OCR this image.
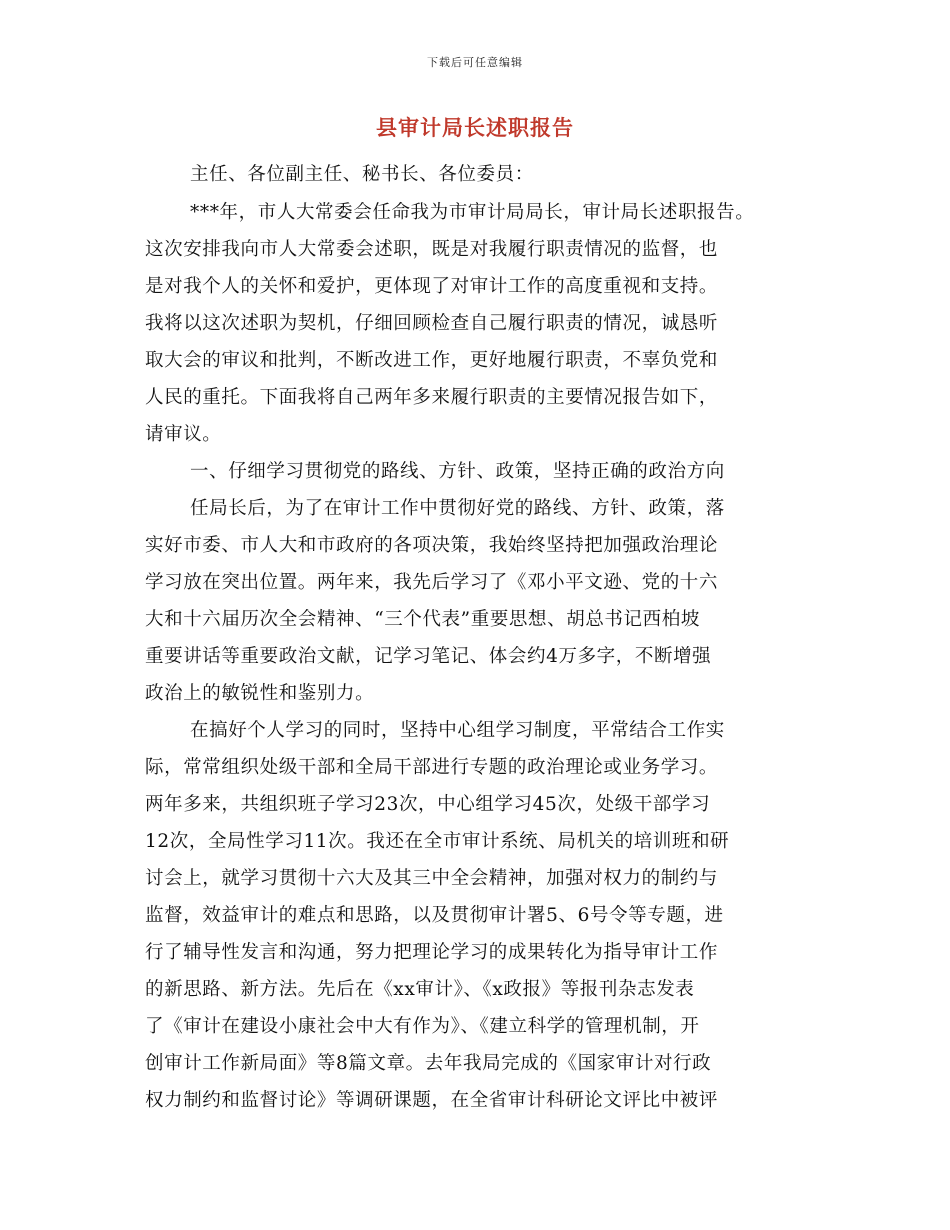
下载后可任意编辑
县审计局长述职报告
主任、各位副主任、秘书长、各位委员：
***年，市人大常委会任命我为市审计局局长，审计局长述职报告。
这次安排我向市人大常委会述职，既是对我履行职责情况的监督，也
是对我个人的关怀和爱护，更体现了对审计工作的高度重视和支持。
我将以这次述职为契机，仔细回顾检查自己履行职责的情况，诚恳听
取大会的审议和批判，不断改进工作，更好地履行职责，不辜负党和
人民的重托。下面我将自己两年多来履行职责的主要情况报告如下，
请审议。
一、仔细学习贯彻党的路线、方针、政策，坚持正确的政治方向
任局长后，为了在审计工作中贯彻好党的路线、方针、政策，落
实好市委、市人大和市政府的各项决策，我始终坚持把加强政治理论
学习放在突出位置。两年来，我先后学习了《邓小平文逊、党的十六
大和十六届历次全会精神、“三个代表”重要思想、胡总书记西柏坡
重要讲话等重要政治文献，记学习笔记、体会约4万多字，不断增强
政治上的敏锐性和鉴别力。
在搞好个人学习的同时，坚持中心组学习制度，平常结合工作实
际，常常组织处级干部和全局干部进行专题的政治理论或业务学习。
两年多来，共组织班子学习23次，中心组学习45次，处级干部学习
12次，全局性学习11次。我还在全市审计系统、局机关的培训班和研
讨会上，就学习贯彻十六大及其三中全会精神，加强对权力的制约与
监督，效益审计的难点和思路，以及贯彻审计署5、6号令等专题，进
行了辅导性发言和沟通，努力把理论学习的成果转化为指导审计工作
的新思路、新方法。先后在《xx审计》、《x政报》等报刊杂志发表
了《审计在建设小康社会中大有作为》、《建立科学的管理机制，开
创审计工作新局面》等8篇文章。去年我局完成的《国家审计对行政
权力制约和监督讨论》等调研课题，在全省审计科研论文评比中被评
